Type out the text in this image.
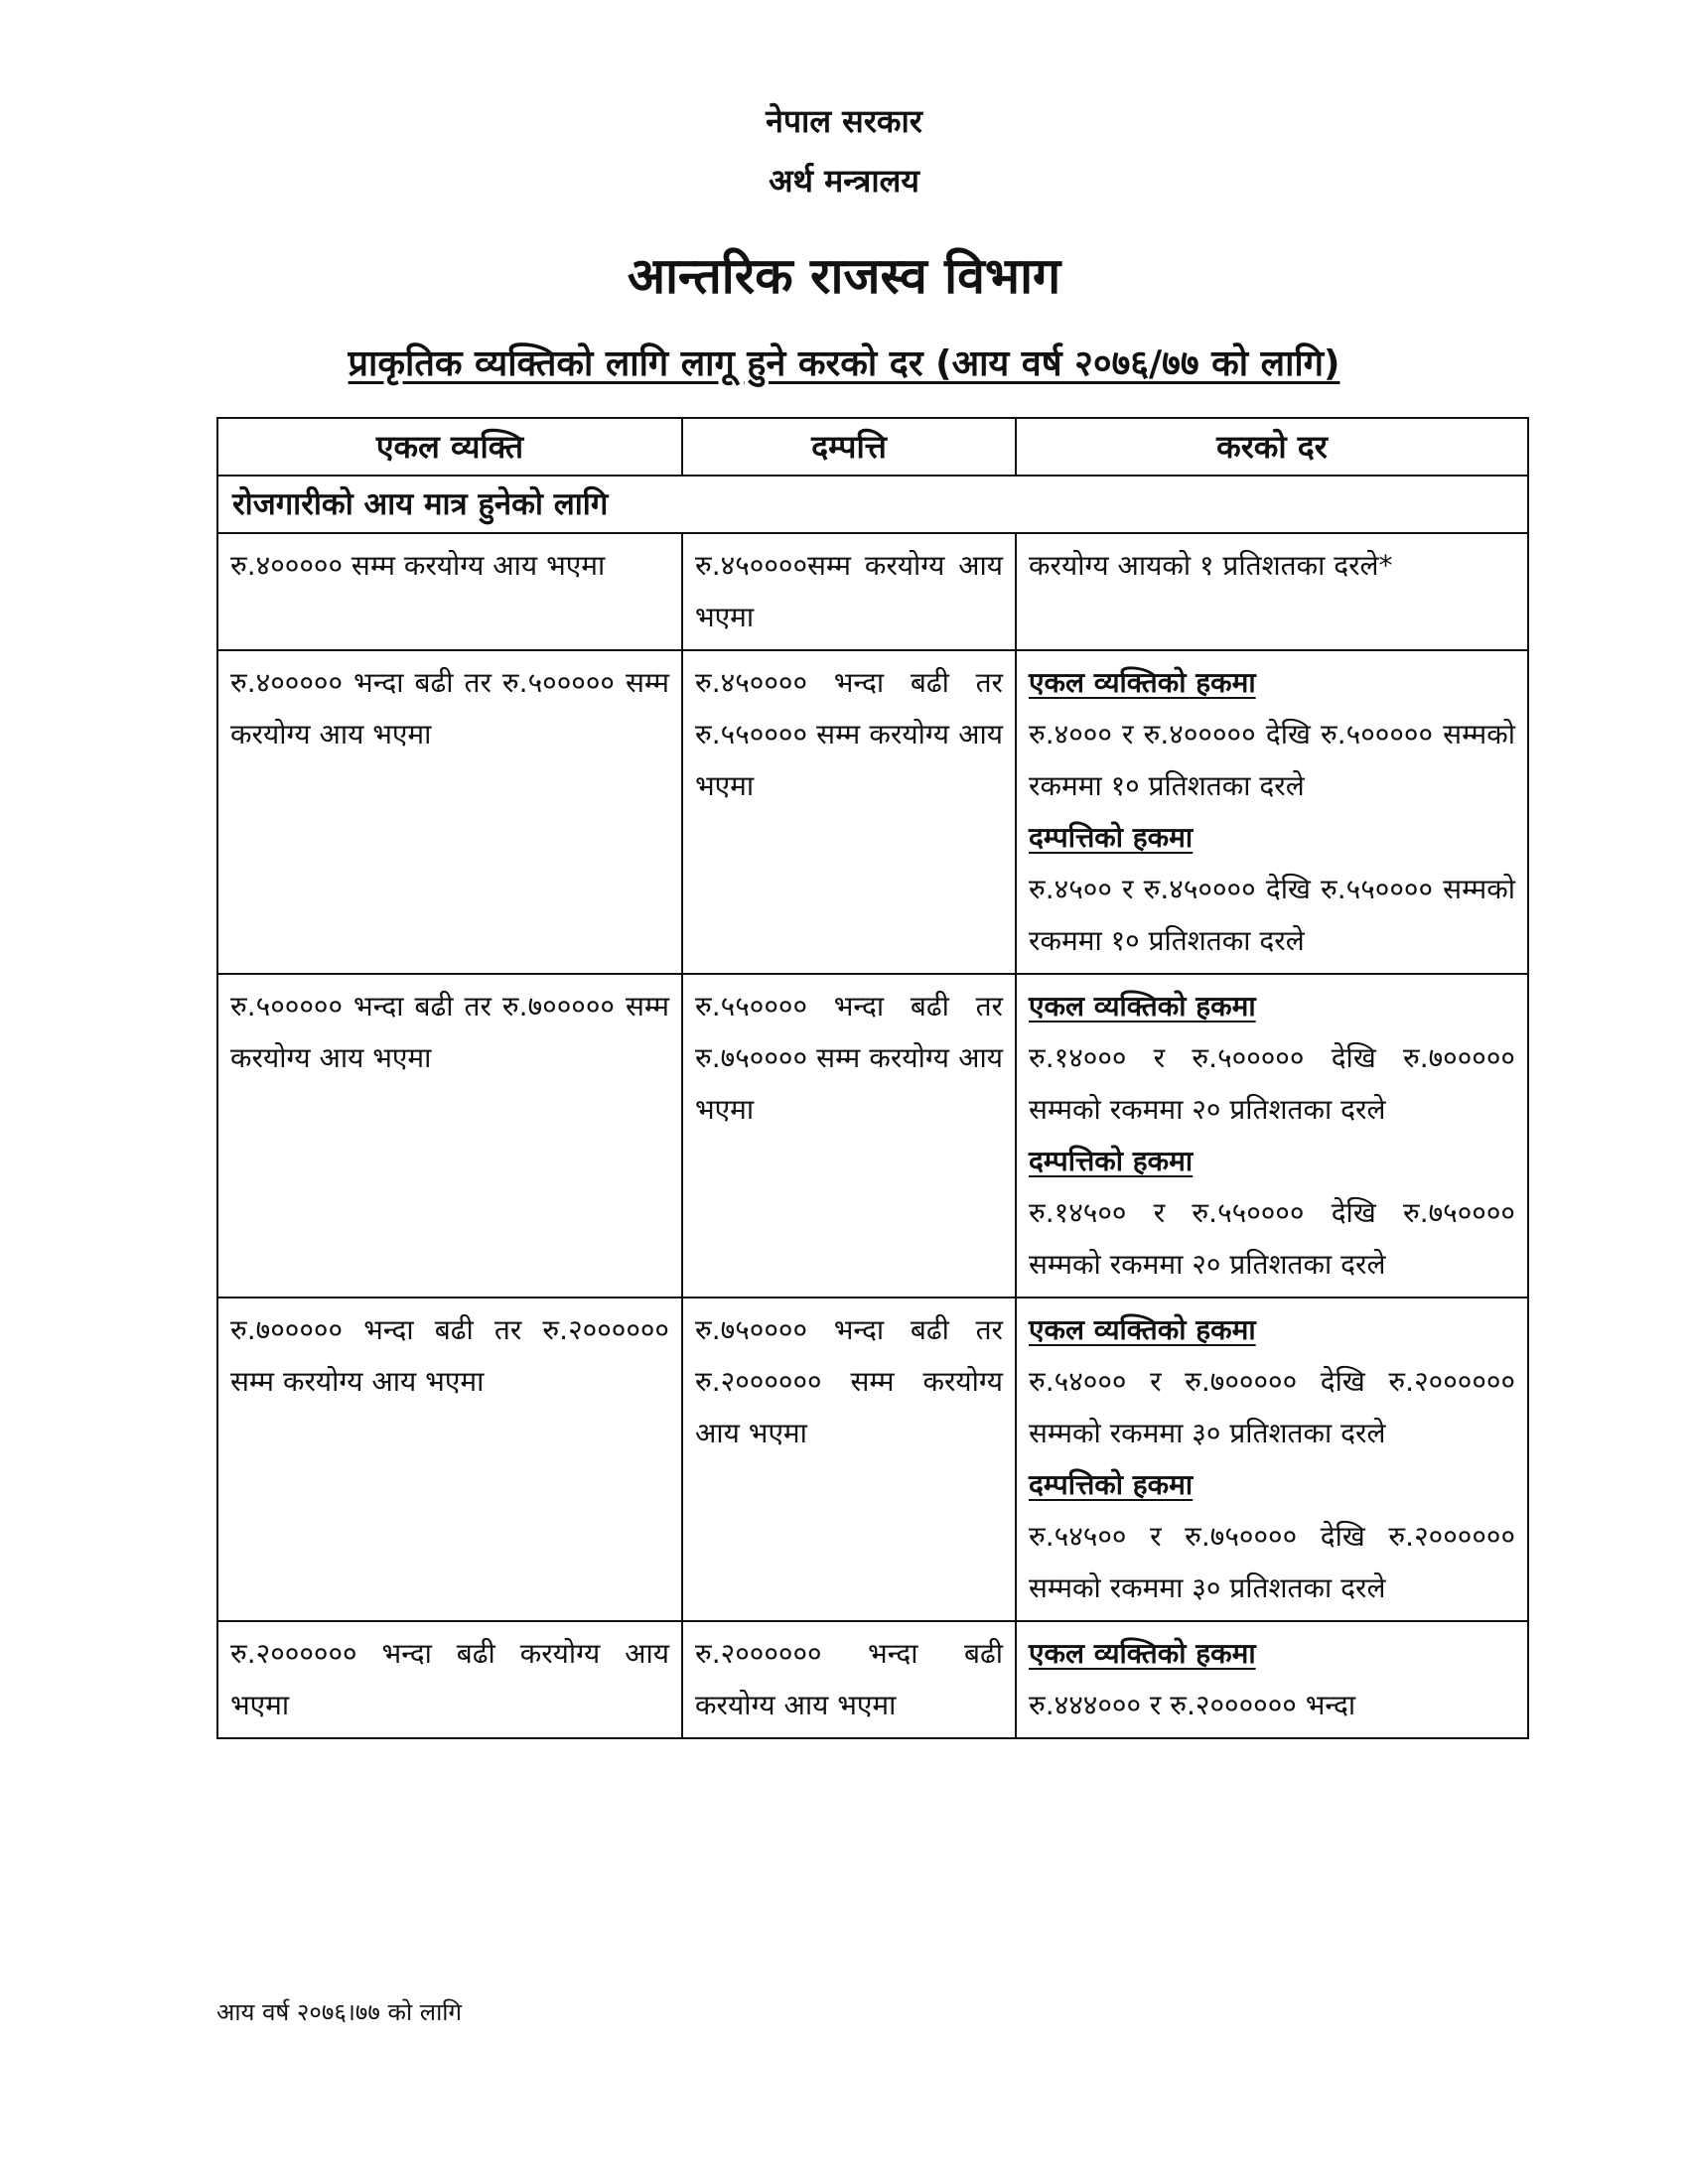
नेपाल सरकार
अर्थ मन्त्रालय
आन्तरिक राजस्व विभाग
प्राकृतिक व्यक्तिको लागि लागू हुने करको दर (आय वर्ष २०७६/७७ को लागि)
एकल व्यक्ति	दम्पत्ति	करको दर
रोजगारीको आय मात्र हुनेको लागि		
रु.४००००० सम्म करयोग्य आय भएमा	रु.४५००००सम्म करयोग्य आय भएमा	करयोग्य आयको १ प्रतिशतका दरले*

रु.४००००० भन्दा बढी तर रु.५००००० सम्म करयोग्य आय भएमा	रु.४५०००० भन्दा बढी तर रु.५५०००० सम्म करयोग्य आय भएमा	एकल व्यक्तिको हकमा
रु.४००० र रु.४००००० देखि रु.५००००० सम्मको रकममा १० प्रतिशतका दरले
दम्पत्तिको हकमा
रु.४५०० र रु.४५०००० देखि रु.५५०००० सम्मको रकममा १० प्रतिशतका दरले

रु.५००००० भन्दा बढी तर रु.७००००० सम्म करयोग्य आय भएमा	रु.५५०००० भन्दा बढी तर रु.७५०००० सम्म करयोग्य आय भएमा	एकल व्यक्तिको हकमा
रु.१४००० र रु.५००००० देखि रु.७००००० सम्मको रकममा २० प्रतिशतका दरले
दम्पत्तिको हकमा
रु.१४५०० र रु.५५०००० देखि रु.७५०००० सम्मको रकममा २० प्रतिशतका दरले

रु.७००००० भन्दा बढी तर रु.२०००००० सम्म करयोग्य आय भएमा	रु.७५०००० भन्दा बढी तर रु.२०००००० सम्म करयोग्य आय भएमा	एकल व्यक्तिको हकमा
रु.५४००० र रु.७००००० देखि रु.२०००००० सम्मको रकममा ३० प्रतिशतका दरले
दम्पत्तिको हकमा
रु.५४५०० र रु.७५०००० देखि रु.२०००००० सम्मको रकममा ३० प्रतिशतका दरले

रु.२०००००० भन्दा बढी करयोग्य आय भएमा	रु.२०००००० भन्दा बढी करयोग्य आय भएमा	एकल व्यक्तिको हकमा
रु.४४४००० र रु.२०००००० भन्दा
आय वर्ष २०७६।७७ को लागि
